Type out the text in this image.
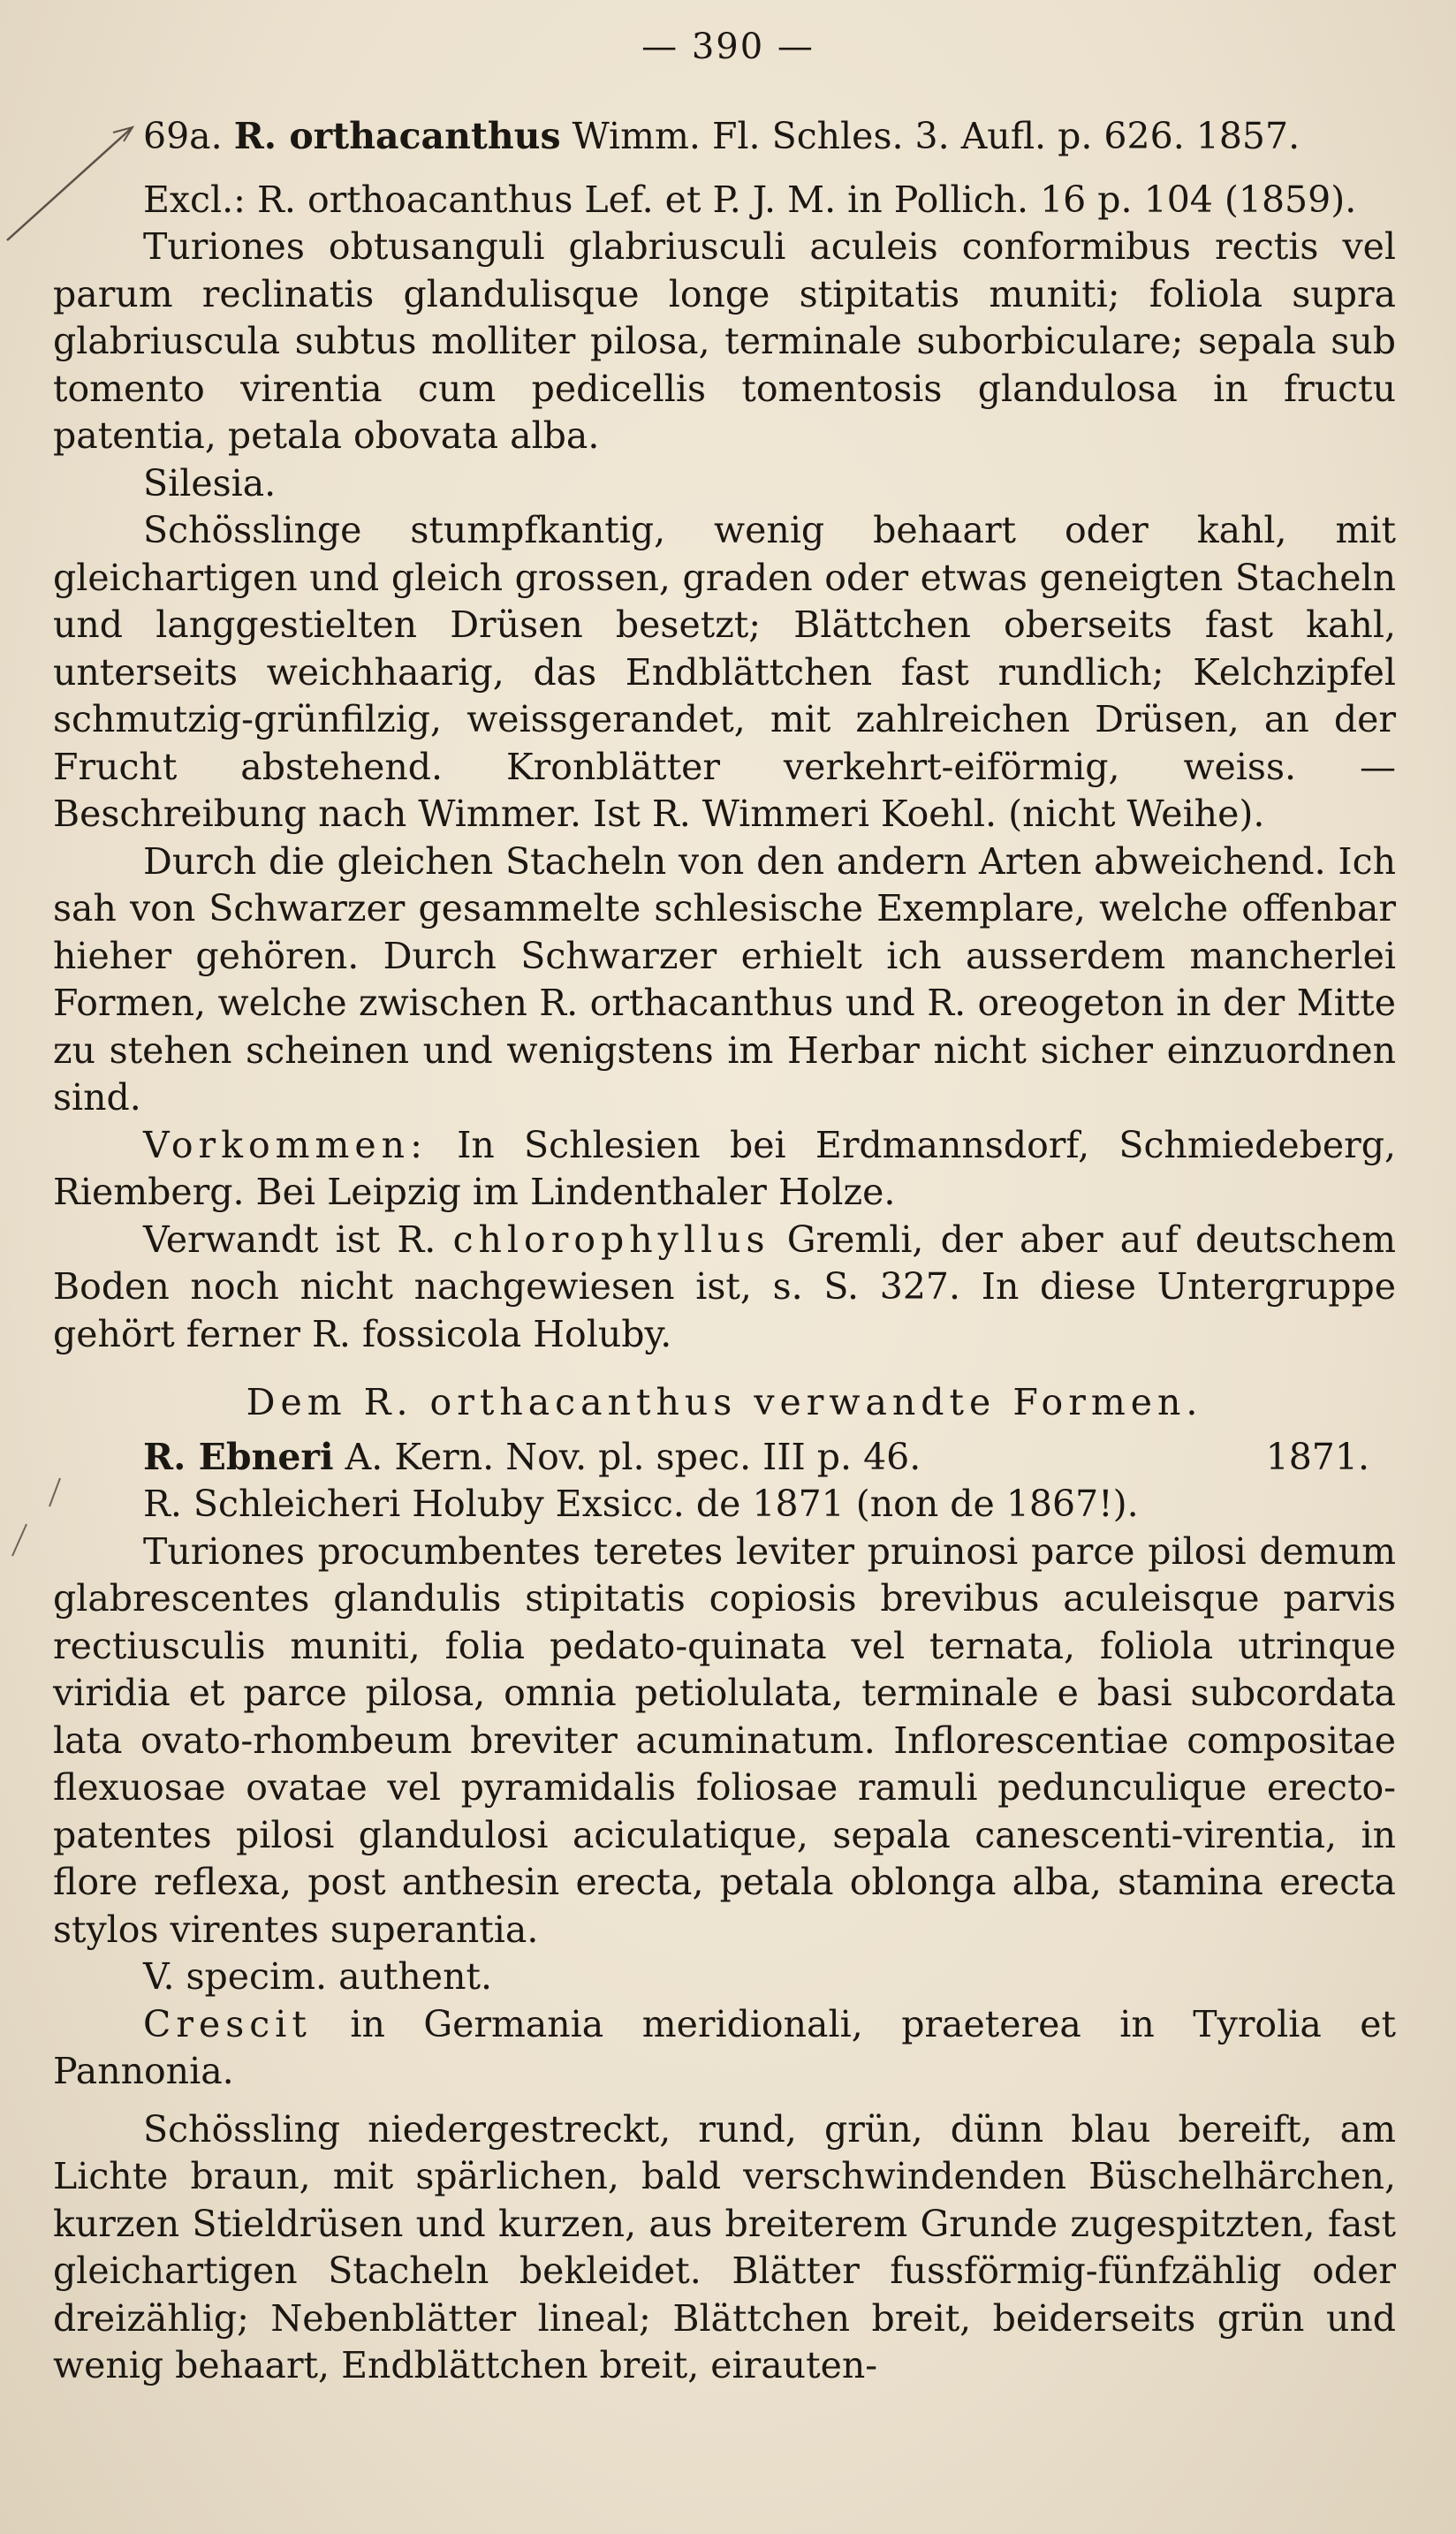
— 390 —

69a. R. orthacanthus Wimm. Fl. Schles. 3. Aufl. p. 626. 1857.

Excl.: R. orthoacanthus Lef. et P. J. M. in Pollich. 16 p. 104 (1859).

Turiones obtusanguli glabriusculi aculeis conformibus rectis vel parum reclinatis glandulisque longe stipitatis muniti; foliola supra glabriuscula subtus molliter pilosa, terminale suborbiculare; sepala sub tomento virentia cum pedicellis tomentosis glandulosa in fructu patentia, petala obovata alba.

Silesia.

Schösslinge stumpfkantig, wenig behaart oder kahl, mit gleichartigen und gleich grossen, graden oder etwas geneigten Stacheln und langgestielten Drüsen besetzt; Blättchen oberseits fast kahl, unterseits weichhaarig, das Endblättchen fast rundlich; Kelchzipfel schmutzig-grünfilzig, weissgerandet, mit zahlreichen Drüsen, an der Frucht abstehend. Kronblätter verkehrt-eiförmig, weiss. — Beschreibung nach Wimmer. Ist R. Wimmeri Koehl. (nicht Weihe).

Durch die gleichen Stacheln von den andern Arten abweichend. Ich sah von Schwarzer gesammelte schlesische Exemplare, welche offenbar hieher gehören. Durch Schwarzer erhielt ich ausserdem mancherlei Formen, welche zwischen R. orthacanthus und R. oreogeton in der Mitte zu stehen scheinen und wenigstens im Herbar nicht sicher einzuordnen sind.

Vorkommen: In Schlesien bei Erdmannsdorf, Schmiedeberg, Riemberg. Bei Leipzig im Lindenthaler Holze.

Verwandt ist R. chlorophyllus Gremli, der aber auf deutschem Boden noch nicht nachgewiesen ist, s. S. 327. In diese Untergruppe gehört ferner R. fossicola Holuby.

Dem R. orthacanthus verwandte Formen.

R. Ebneri A. Kern. Nov. pl. spec. III p. 46.	1871.

R. Schleicheri Holuby Exsicc. de 1871 (non de 1867!).

Turiones procumbentes teretes leviter pruinosi parce pilosi demum glabrescentes glandulis stipitatis copiosis brevibus aculeisque parvis rectiusculis muniti, folia pedato-quinata vel ternata, foliola utrinque viridia et parce pilosa, omnia petiolulata, terminale e basi subcordata lata ovato-rhombeum breviter acuminatum. Inflorescentiae compositae flexuosae ovatae vel pyramidalis foliosae ramuli pedunculique erecto-patentes pilosi glandulosi aciculatique, sepala canescenti-virentia, in flore reflexa, post anthesin erecta, petala oblonga alba, stamina erecta stylos virentes superantia.

V. specim. authent.

Crescit in Germania meridionali, praeterea in Tyrolia et Pannonia.

Schössling niedergestreckt, rund, grün, dünn blau bereift, am Lichte braun, mit spärlichen, bald verschwindenden Büschelhärchen, kurzen Stieldrüsen und kurzen, aus breiterem Grunde zugespitzten, fast gleichartigen Stacheln bekleidet. Blätter fussförmig-fünfzählig oder dreizählig; Nebenblätter lineal; Blättchen breit, beiderseits grün und wenig behaart, Endblättchen breit, eirauten-
